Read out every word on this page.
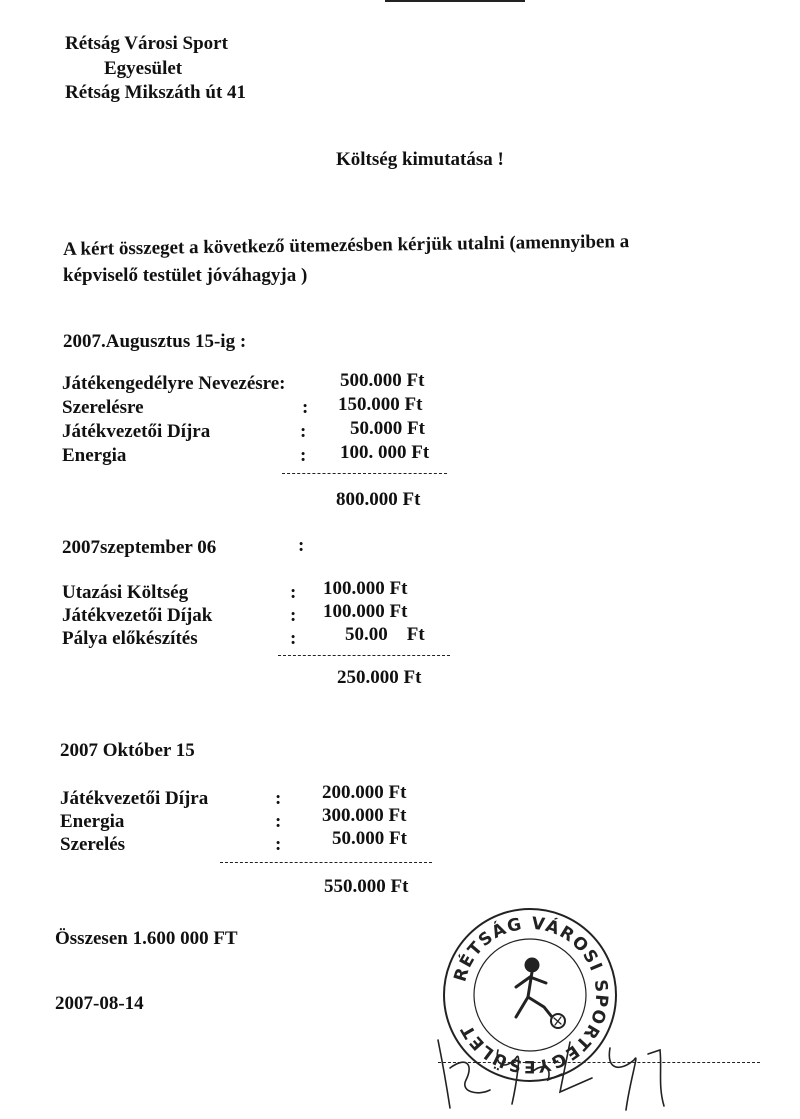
Rétság Városi Sport
Egyesület
Rétság Mikszáth út 41
Költség kimutatása !
A kért összeget a következő ütemezésben kérjük utalni (amennyiben a
képviselő testület jóváhagyja )
2007.Augusztus 15-ig :
Játékengedélyre Nevezésre:	500.000 Ft
Szerelésre	: 150.000 Ft
Játékvezetői Díjra	: 50.000 Ft
Energia	: 100. 000 Ft
800.000 Ft
2007szeptember 06	:
Utazási Költség	: 100.000 Ft
Játékvezetői Díjak	: 100.000 Ft
Pálya előkészítés	:	50.00    Ft
250.000 Ft
2007 Október 15
Játékvezetői Díjra	: 200.000 Ft
Energia	: 300.000 Ft
Szerelés	:	50.000 Ft
550.000 Ft
Összesen 1.600 000 FT
2007-08-14
RÉTSÁG VÁROSI SPORTEGYESÜLET
